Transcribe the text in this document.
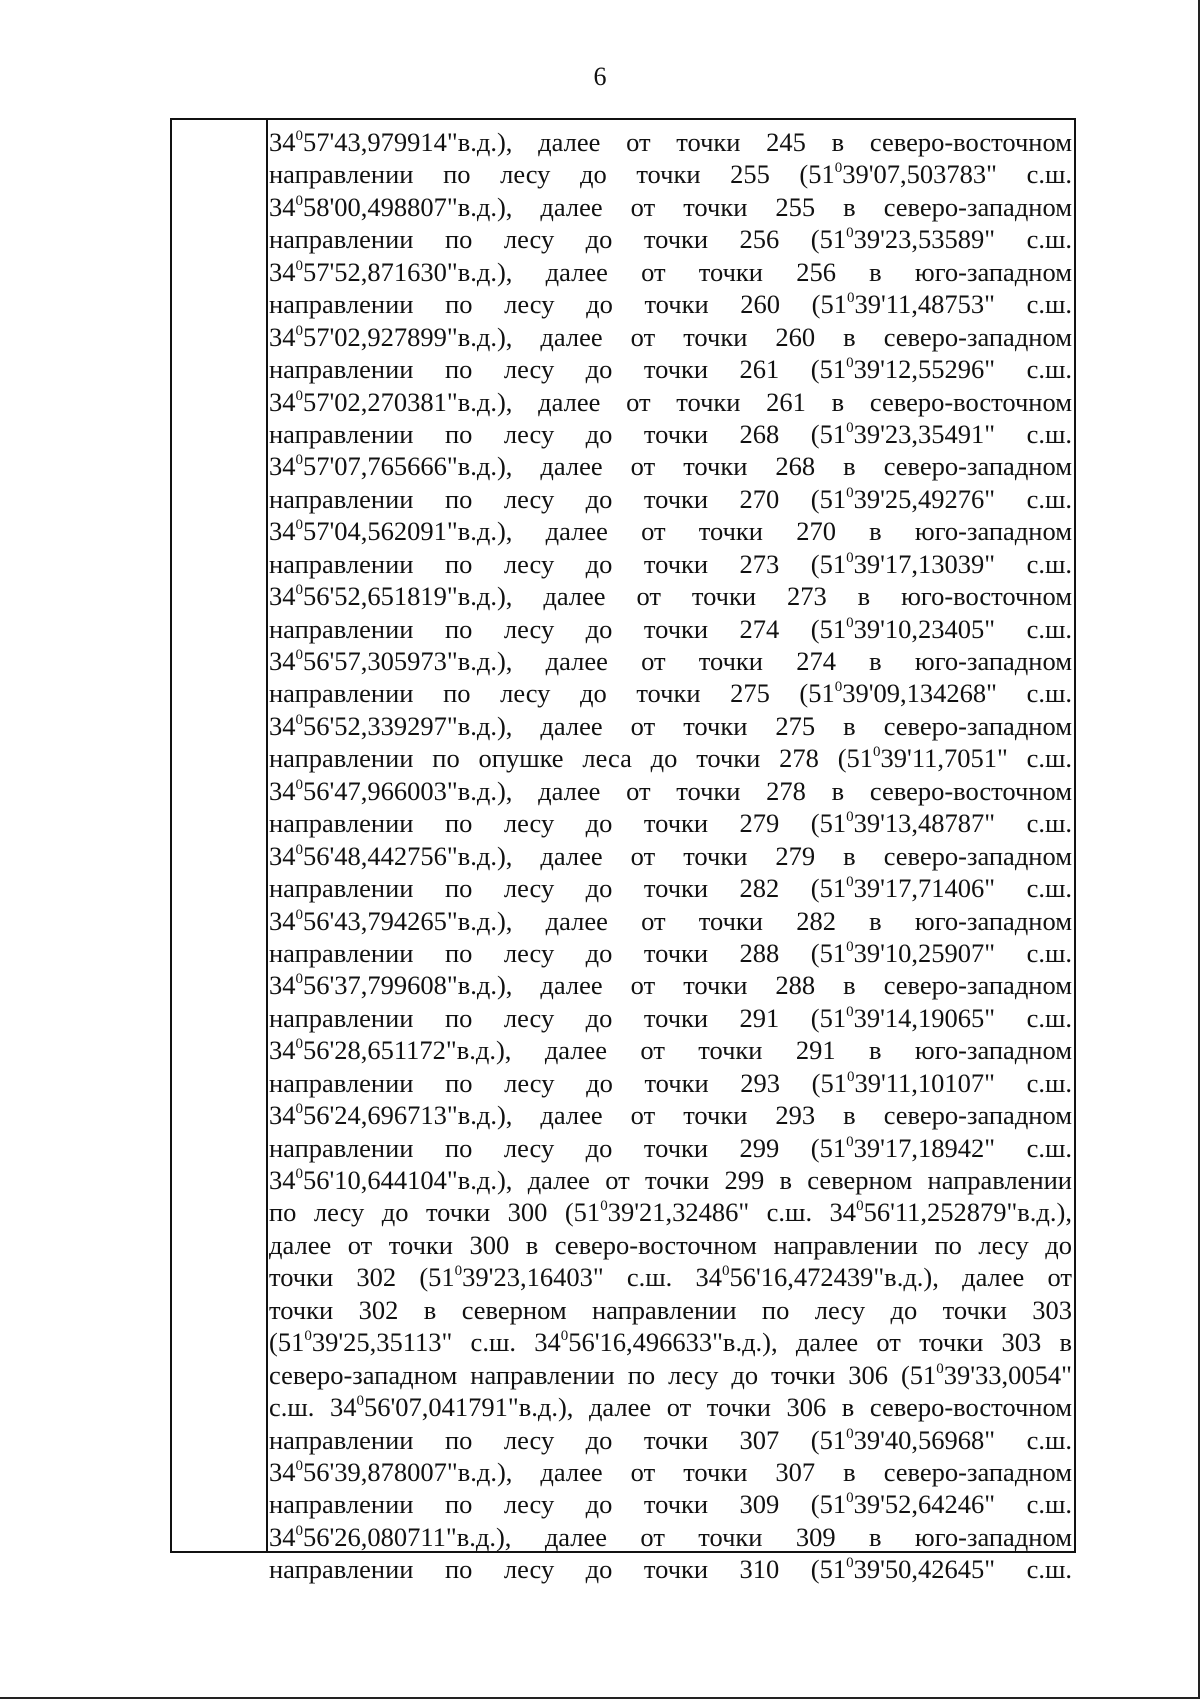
6
$34^057'43,979914"в.д$.), далее от точки 245 в северо-восточном
направлении по лесу до точки 255 ($51^039'07,503783$" с.ш.
$34^058'00,498807"в.д$.), далее от точки 255 в северо-западном
направлении по лесу до точки 256 ($51^039'23,53589$" с.ш.
$34^057'52,871630"в.д$.), далее от точки 256 в юго-западном
направлении по лесу до точки 260 ($51^039'11,48753$" с.ш.
$34^057'02,927899"в.д$.), далее от точки 260 в северо-западном
направлении по лесу до точки 261 ($51^039'12,55296$" с.ш.
$34^057'02,270381"в.д$.), далее от точки 261 в северо-восточном
направлении по лесу до точки 268 ($51^039'23,35491$" с.ш.
$34^057'07,765666"в.д$.), далее от точки 268 в северо-западном
направлении по лесу до точки 270 ($51^039'25,49276$" с.ш.
$34^057'04,562091"в.д$.), далее от точки 270 в юго-западном
направлении по лесу до точки 273 ($51^039'17,13039$" с.ш.
$34^056'52,651819"в.д$.), далее от точки 273 в юго-восточном
направлении по лесу до точки 274 ($51^039'10,23405$" с.ш.
$34^056'57,305973"в.д$.), далее от точки 274 в юго-западном
направлении по лесу до точки 275 ($51^039'09,134268$" с.ш.
$34^056'52,339297"в.д$.), далее от точки 275 в северо-западном
направлении по опушке леса до точки 278 ($51^039'11,7051$" с.ш.
$34^056'47,966003"в.д$.), далее от точки 278 в северо-восточном
направлении по лесу до точки 279 ($51^039'13,48787$" с.ш.
$34^056'48,442756"в.д$.), далее от точки 279 в северо-западном
направлении по лесу до точки 282 ($51^039'17,71406$" с.ш.
$34^056'43,794265"в.д$.), далее от точки 282 в юго-западном
направлении по лесу до точки 288 ($51^039'10,25907$" с.ш.
$34^056'37,799608"в.д$.), далее от точки 288 в северо-западном
направлении по лесу до точки 291 ($51^039'14,19065$" с.ш.
$34^056'28,651172"в.д$.), далее от точки 291 в юго-западном
направлении по лесу до точки 293 ($51^039'11,10107$" с.ш.
$34^056'24,696713"в.д$.), далее от точки 293 в северо-западном
направлении по лесу до точки 299 ($51^039'17,18942$" с.ш.
$34^056'10,644104"в.д$.), далее от точки 299 в северном направлении
по лесу до точки 300 ($51^039'21,32486$" с.ш. $34^056'11,252879"в.д$.),
далее от точки 300 в северо-восточном направлении по лесу до
точки 302 ($51^039'23,16403$" с.ш. $34^056'16,472439"в.д$.), далее от
точки 302 в северном направлении по лесу до точки 303
($51^039'25,35113$" с.ш. $34^056'16,496633"в.д$.), далее от точки 303 в
северо-западном направлении по лесу до точки 306 ($51^039'33,0054$"
с.ш. $34^056'07,041791"в.д$.), далее от точки 306 в северо-восточном
направлении по лесу до точки 307 ($51^039'40,56968$" с.ш.
$34^056'39,878007"в.д$.), далее от точки 307 в северо-западном
направлении по лесу до точки 309 ($51^039'52,64246$" с.ш.
$34^056'26,080711"в.д$.), далее от точки 309 в юго-западном
направлении по лесу до точки 310 ($51^039'50,42645$" с.ш.
